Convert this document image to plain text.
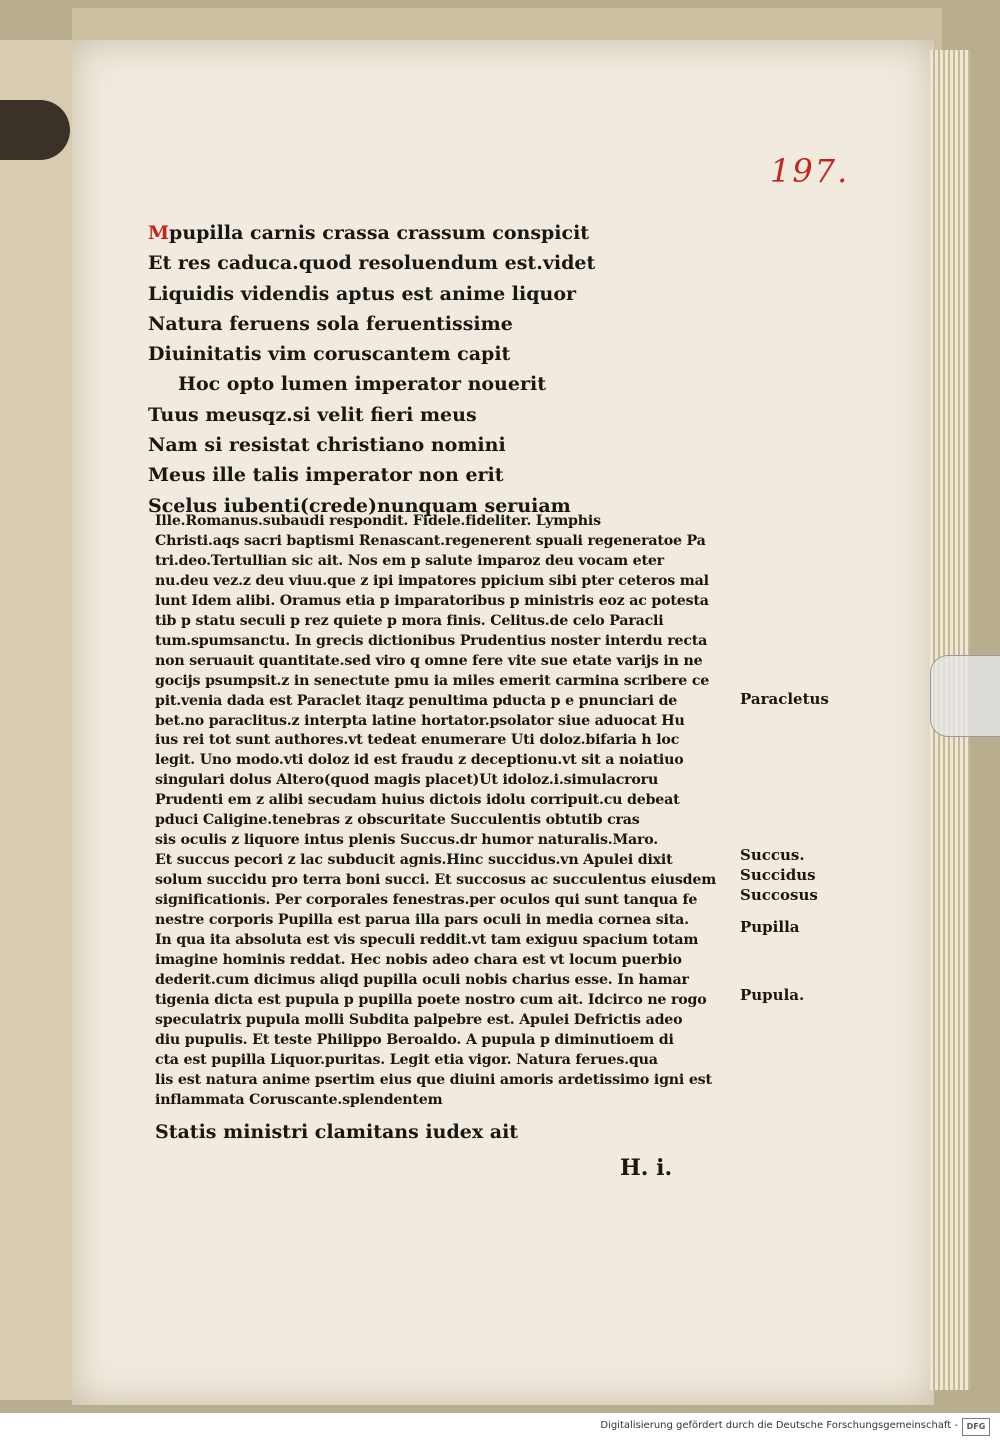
197.
Mpupilla carnis crassa crassum conspicit
Et res caduca.quod resoluendum est.videt
Liquidis videndis aptus est anime liquor
Natura feruens sola feruentissime
Diuinitatis vim coruscantem capit
Hoc opto lumen imperator nouerit
Tuus meusqz.si velit fieri meus
Nam si resistat christiano nomini
Meus ille talis imperator non erit
Scelus iubenti(crede)nunquam seruiam
Ille.Romanus.subaudi respondit. Fidele.fideliter. Lymphis
Christi.aqs sacri baptismi Renascant.regenerent spuali regeneratoe Pa
tri.deo.Tertullian sic ait. Nos em p salute imparoz deu vocam eter
nu.deu vez.z deu viuu.que z ipi impatores ppicium sibi pter ceteros mal
lunt Idem alibi. Oramus etia p imparatoribus p ministris eoz ac potesta
tib p statu seculi p rez quiete p mora finis. Celitus.de celo Paracli
tum.spumsanctu. In grecis dictionibus Prudentius noster interdu recta
non seruauit quantitate.sed viro q omne fere vite sue etate varijs in ne
gocijs psumpsit.z in senectute pmu ia miles emerit carmina scribere ce
pit.venia dada est Paraclet itaqz penultima pducta p e pnunciari de
bet.no paraclitus.z interpta latine hortator.psolator siue aduocat Hu
ius rei tot sunt authores.vt tedeat enumerare Uti doloz.bifaria h loc
legit. Uno modo.vti doloz id est fraudu z deceptionu.vt sit a noiatiuo
singulari dolus Altero(quod magis placet)Ut idoloz.i.simulacroru
Prudenti em z alibi secudam huius dictois idolu corripuit.cu debeat
pduci Caligine.tenebras z obscuritate Succulentis obtutib cras
sis oculis z liquore intus plenis Succus.dr humor naturalis.Maro.
Et succus pecori z lac subducit agnis.Hinc succidus.vn Apulei dixit
solum succidu pro terra boni succi. Et succosus ac succulentus eiusdem
significationis. Per corporales fenestras.per oculos qui sunt tanqua fe
nestre corporis Pupilla est parua illa pars oculi in media cornea sita.
In qua ita absoluta est vis speculi reddit.vt tam exiguu spacium totam
imagine hominis reddat. Hec nobis adeo chara est vt locum puerbio
dederit.cum dicimus aliqd pupilla oculi nobis charius esse. In hamar
tigenia dicta est pupula p pupilla poete nostro cum ait. Idcirco ne rogo
speculatrix pupula molli Subdita palpebre est. Apulei Defrictis adeo
diu pupulis. Et teste Philippo Beroaldo. A pupula p diminutioem di
cta est pupilla Liquor.puritas. Legit etia vigor. Natura ferues.qua
lis est natura anime psertim eius que diuini amoris ardetissimo igni est
inflammata Coruscante.splendentem
Statis ministri clamitans iudex ait
Paracletus
Succus.
Succidus
Succosus
Pupilla
Pupula.
H. i.
Digitalisierung gefördert durch die Deutsche Forschungsgemeinschaft -	DFG
